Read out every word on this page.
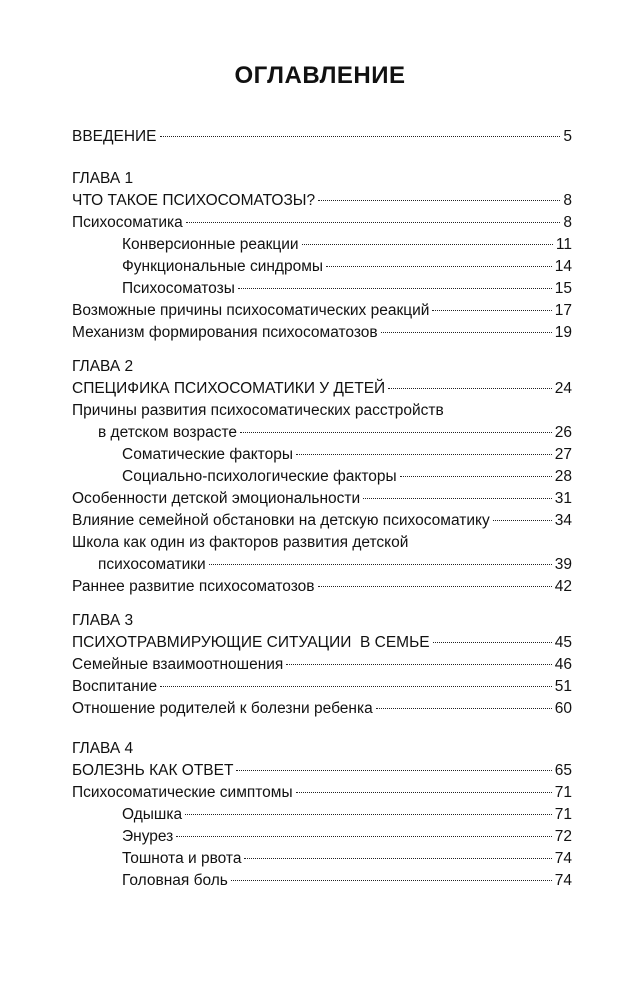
ОГЛАВЛЕНИЕ
ВВЕДЕНИЕ	5
ГЛАВА 1
ЧТО ТАКОЕ ПСИХОСОМАТОЗЫ?	8
Психосоматика	8
Конверсионные реакции	11
Функциональные синдромы	14
Психосоматозы	15
Возможные причины психосоматических реакций	17
Механизм формирования психосоматозов	19
ГЛАВА 2
СПЕЦИФИКА ПСИХОСОМАТИКИ У ДЕТЕЙ	24
Причины развития психосоматических расстройств
в детском возрасте	26
Соматические факторы	27
Социально-психологические факторы	28
Особенности детской эмоциональности	31
Влияние семейной обстановки на детскую психосоматику	34
Школа как один из факторов развития детской
психосоматики	39
Раннее развитие психосоматозов	42
ГЛАВА 3
ПСИХОТРАВМИРУЮЩИЕ СИТУАЦИИ  В СЕМЬЕ	45
Семейные взаимоотношения	46
Воспитание	51
Отношение родителей к болезни ребенка	60
ГЛАВА 4
БОЛЕЗНЬ КАК ОТВЕТ	65
Психосоматические симптомы	71
Одышка	71
Энурез	72
Тошнота и рвота	74
Головная боль	74
